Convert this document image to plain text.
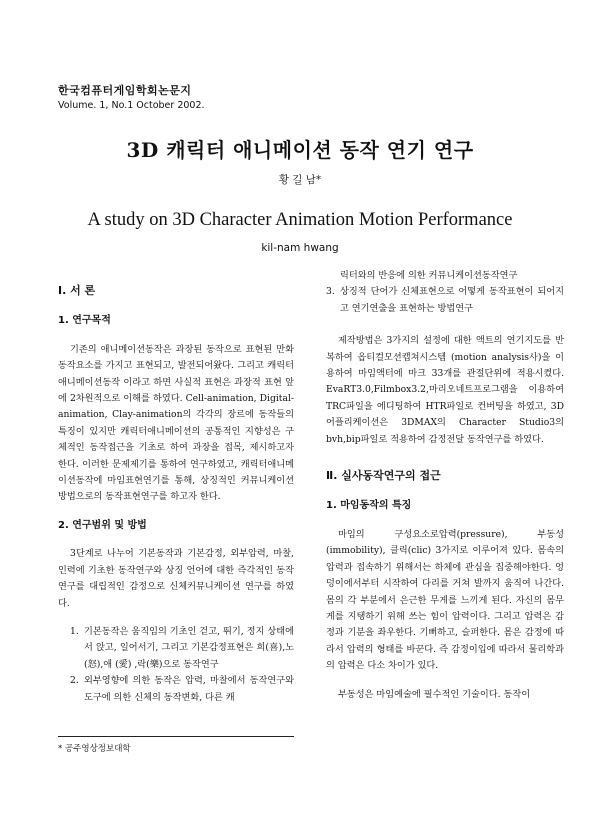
한국컴퓨터게임학회논문지
Volume. 1, No.1 October 2002.
3D 캐릭터 애니메이션 동작 연기 연구
황 길 남*
A study on 3D Character Animation Motion Performance
kil-nam hwang
Ⅰ. 서 론
1. 연구목적

기존의 애니메이션동작은 과장된 동작으로 표현된 만화동작요소를 가지고 표현되고, 발전되어왔다. 그리고 캐릭터애니메이션동작 이라고 하면 사실적 표현은 과장적 표현 앞에 2차원적으로 이해를 하였다. Cell-animation, Digital-animation, Clay-animation의 각각의 장르에 동작들의 특징이 있지만 캐릭터애니메이션의 공통적인 지향성은 구체적인 동작접근을 기초로 하여 과장을 접목, 제시하고자 한다. 이러한 문제제기를 통하여 연구하였고, 캐릭터애니메이션동작에 마임표현연기를 통해, 상징적인 커뮤니케이션 방법으로의 동작표현연구를 하고자 한다.

2. 연구범위 및 방법

3단계로 나누어 기본동작과 기본감정, 외부압력, 마찰, 인력에 기초한 동작연구와 상징 언어에 대한 즉각적인 동작연구를 대립적인 감정으로 신체커뮤니케이션 연구를 하였다.

1. 기본동작은 움직임의 기초인 걷고, 뛰기, 정지 상태에서 앉고, 일어서기, 그리고 기본감정표현은 희(喜),노(怒),애 (愛) ,락(樂)으로 동작연구
2. 외부영향에 의한 동작은 압력, 마찰에서 동작연구와 도구에 의한 신체의 동작변화, 다른 캐
릭터와의 반응에 의한 커뮤니케이션동작연구
3. 상징적 단어가 신체표현으로 어떻게 동작표현이 되어지고 연기연출을 표현하는 방법연구

제작방법은 3가지의 설정에 대한 액트의 연기지도를 반복하여 옵티컬모션캡쳐시스템 (motion analysis사)을 이용하여 마임액터에 마크 33개를 관절단위에 적용시켰다. EvaRT3.0,Filmbox3.2,마리오네트프로그램을 이용하여 TRC파일을 에디팅하여 HTR파일로 컨버팅을 하였고, 3D 어플리케이션은 3DMAX의 Character Studio3의 bvh,bip파일로 적용하여 감정전달 동작연구를 하였다.

Ⅱ. 실사동작연구의 접근
1. 마임동작의 특징

마임의 구성요소로압력(pressure), 부동성(immobility), 클릭(clic) 3가지로 이루어져 있다. 몸속의 압력과 접속하기 위해서는 하체에 관심을 집중해야한다. 엉덩이에서부터 시작하여 다리를 거쳐 발까지 움직여 나간다. 몸의 각 부분에서 은근한 무게를 느끼게 된다. 자신의 몸무게를 지탱하기 위해 쓰는 힘이 압력이다. 그리고 압력은 감정과 기분을 좌우한다. 기뻐하고, 슬퍼한다. 몸은 감정에 따라서 압력의 형태를 바꾼다. 즉 감정이입에 따라서 물리학과의 압력은 다소 차이가 있다.

부동성은 마임예술에 필수적인 기술이다. 동작이

* 공주영상정보대학
